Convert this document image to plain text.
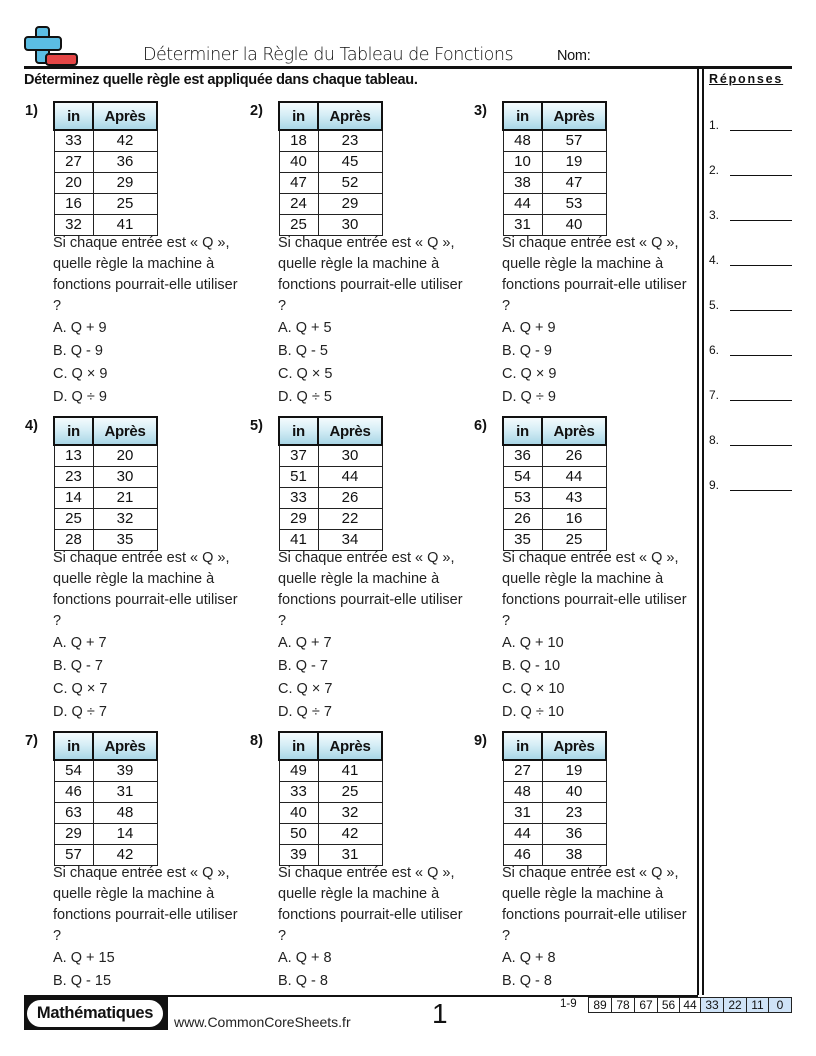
Déterminer la Règle du Tableau de Fonctions	Nom:
Déterminez quelle règle est appliquée dans chaque tableau.	Réponses
1.
2.
3.
4.
5.
6.
7.
8.
9.
1) in	Après
33	42
27	36
20	29
16	25
32	41
Si chaque entrée est « Q », quelle règle la machine à fonctions pourrait-elle utiliser ?
A. Q + 9
B. Q - 9
C. Q × 9
D. Q ÷ 9
2) in	Après
18	23
40	45
47	52
24	29
25	30
Si chaque entrée est « Q », quelle règle la machine à fonctions pourrait-elle utiliser ?
A. Q + 5
B. Q - 5
C. Q × 5
D. Q ÷ 5
3) in	Après
48	57
10	19
38	47
44	53
31	40
Si chaque entrée est « Q », quelle règle la machine à fonctions pourrait-elle utiliser ?
A. Q + 9
B. Q - 9
C. Q × 9
D. Q ÷ 9
4) in	Après
13	20
23	30
14	21
25	32
28	35
Si chaque entrée est « Q », quelle règle la machine à fonctions pourrait-elle utiliser ?
A. Q + 7
B. Q - 7
C. Q × 7
D. Q ÷ 7
5) in	Après
37	30
51	44
33	26
29	22
41	34
Si chaque entrée est « Q », quelle règle la machine à fonctions pourrait-elle utiliser ?
A. Q + 7
B. Q - 7
C. Q × 7
D. Q ÷ 7
6) in	Après
36	26
54	44
53	43
26	16
35	25
Si chaque entrée est « Q », quelle règle la machine à fonctions pourrait-elle utiliser ?
A. Q + 10
B. Q - 10
C. Q × 10
D. Q ÷ 10
7) in	Après
54	39
46	31
63	48
29	14
57	42
Si chaque entrée est « Q », quelle règle la machine à fonctions pourrait-elle utiliser ?
A. Q + 15
B. Q - 15
8) in	Après
49	41
33	25
40	32
50	42
39	31
Si chaque entrée est « Q », quelle règle la machine à fonctions pourrait-elle utiliser ?
A. Q + 8
B. Q - 8
9) in	Après
27	19
48	40
31	23
44	36
46	38
Si chaque entrée est « Q », quelle règle la machine à fonctions pourrait-elle utiliser ?
A. Q + 8
B. Q - 8
Mathématiques	www.CommonCoreSheets.fr	1	1-9	89 78 67 56 44 33 22 11	0
